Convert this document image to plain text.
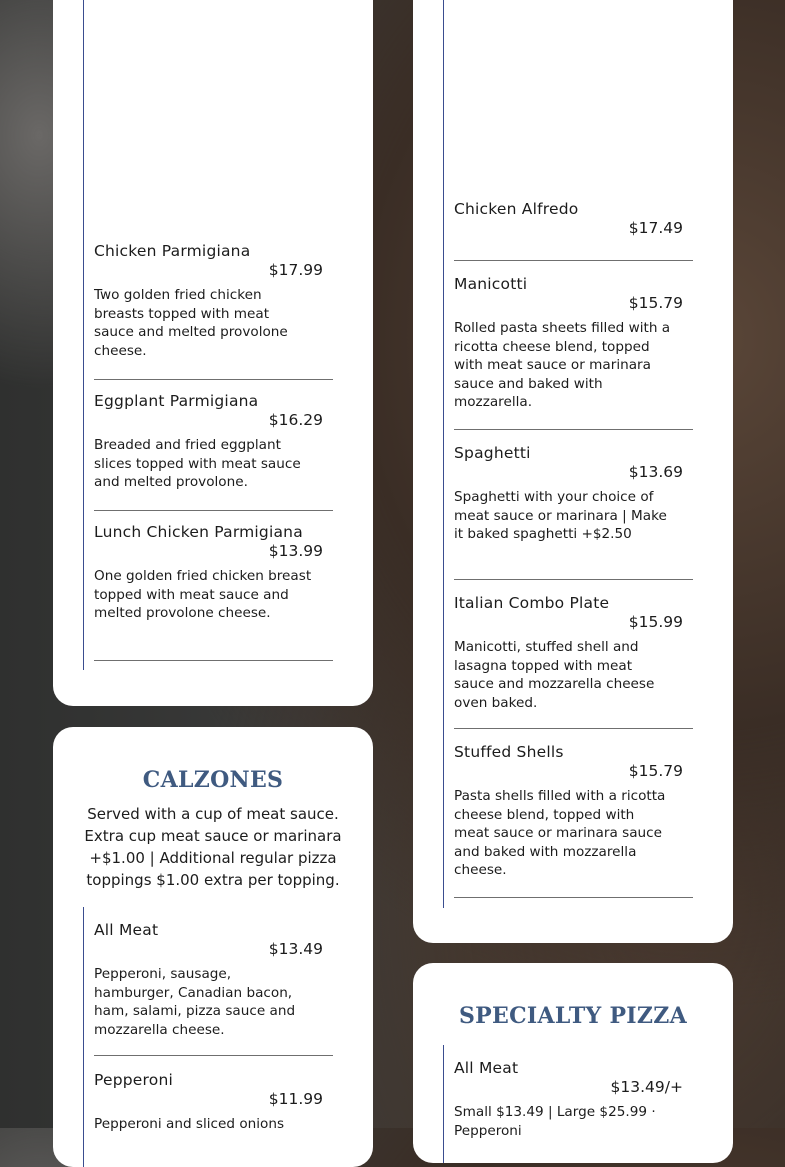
Chicken Parmigiana
$17.99
Two golden fried chicken breasts topped with meat sauce and melted provolone cheese.
Eggplant Parmigiana
$16.29
Breaded and fried eggplant slices topped with meat sauce and melted provolone.
Lunch Chicken Parmigiana
$13.99
One golden fried chicken breast topped with meat sauce and melted provolone cheese.
CALZONES
Served with a cup of meat sauce. Extra cup meat sauce or marinara +$1.00 | Additional regular pizza toppings $1.00 extra per topping.
All Meat
$13.49
Pepperoni, sausage, hamburger, Canadian bacon, ham, salami, pizza sauce and mozzarella cheese.
Pepperoni
$11.99
Pepperoni and sliced onions
Chicken Alfredo
$17.49
Manicotti
$15.79
Rolled pasta sheets filled with a ricotta cheese blend, topped with meat sauce or marinara sauce and baked with mozzarella.
Spaghetti
$13.69
Spaghetti with your choice of meat sauce or marinara | Make it baked spaghetti +$2.50
Italian Combo Plate
$15.99
Manicotti, stuffed shell and lasagna topped with meat sauce and mozzarella cheese oven baked.
Stuffed Shells
$15.79
Pasta shells filled with a ricotta cheese blend, topped with meat sauce or marinara sauce and baked with mozzarella cheese.
SPECIALTY PIZZA
All Meat
$13.49/+
Small $13.49 | Large $25.99 · Pepperoni
